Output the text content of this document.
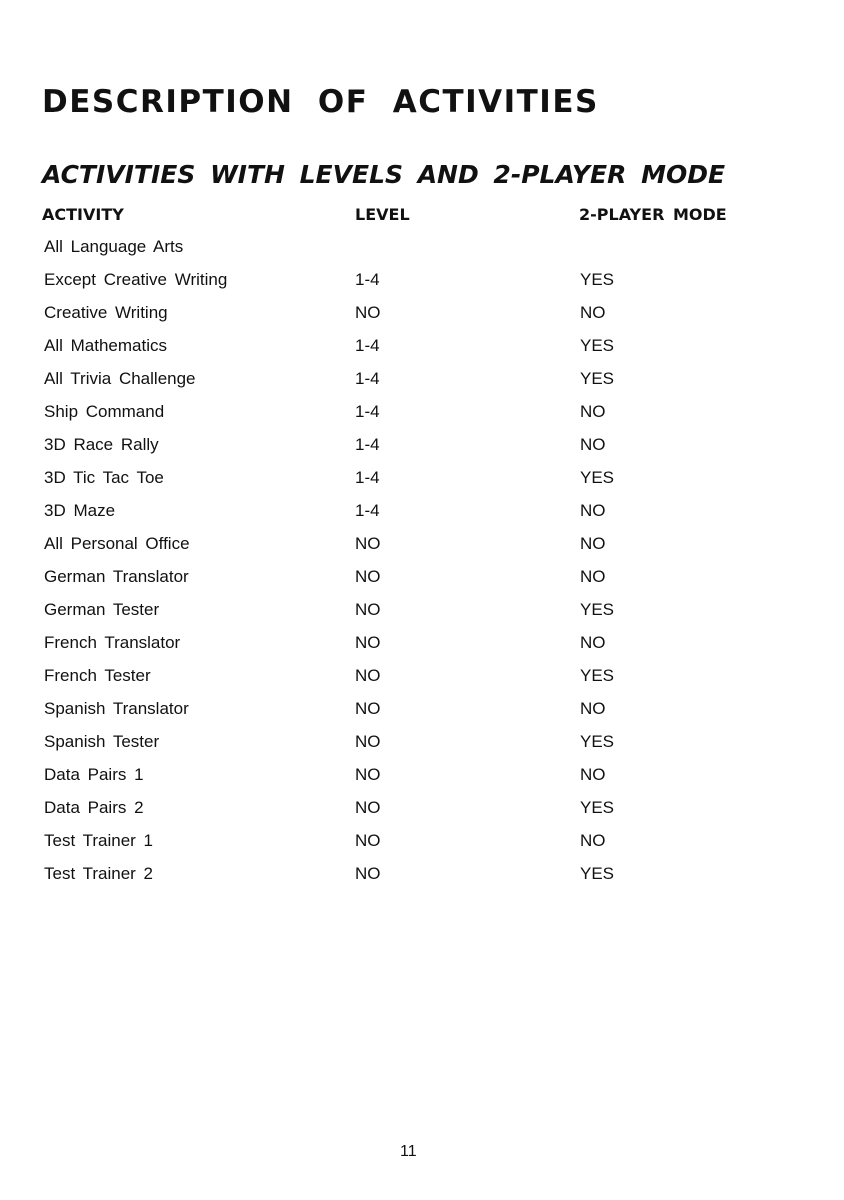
DESCRIPTION OF ACTIVITIES
ACTIVITIES WITH LEVELS AND 2-PLAYER MODE
ACTIVITY	LEVEL	2-PLAYER MODE
All Language Arts
Except Creative Writing	1-4	YES
Creative Writing	NO	NO
All Mathematics	1-4	YES
All Trivia Challenge	1-4	YES
Ship Command	1-4	NO
3D Race Rally	1-4	NO
3D Tic Tac Toe	1-4	YES
3D Maze	1-4	NO
All Personal Office	NO	NO
German Translator	NO	NO
German Tester	NO	YES
French Translator	NO	NO
French Tester	NO	YES
Spanish Translator	NO	NO
Spanish Tester	NO	YES
Data Pairs 1	NO	NO
Data Pairs 2	NO	YES
Test Trainer 1	NO	NO
Test Trainer 2	NO	YES
11
